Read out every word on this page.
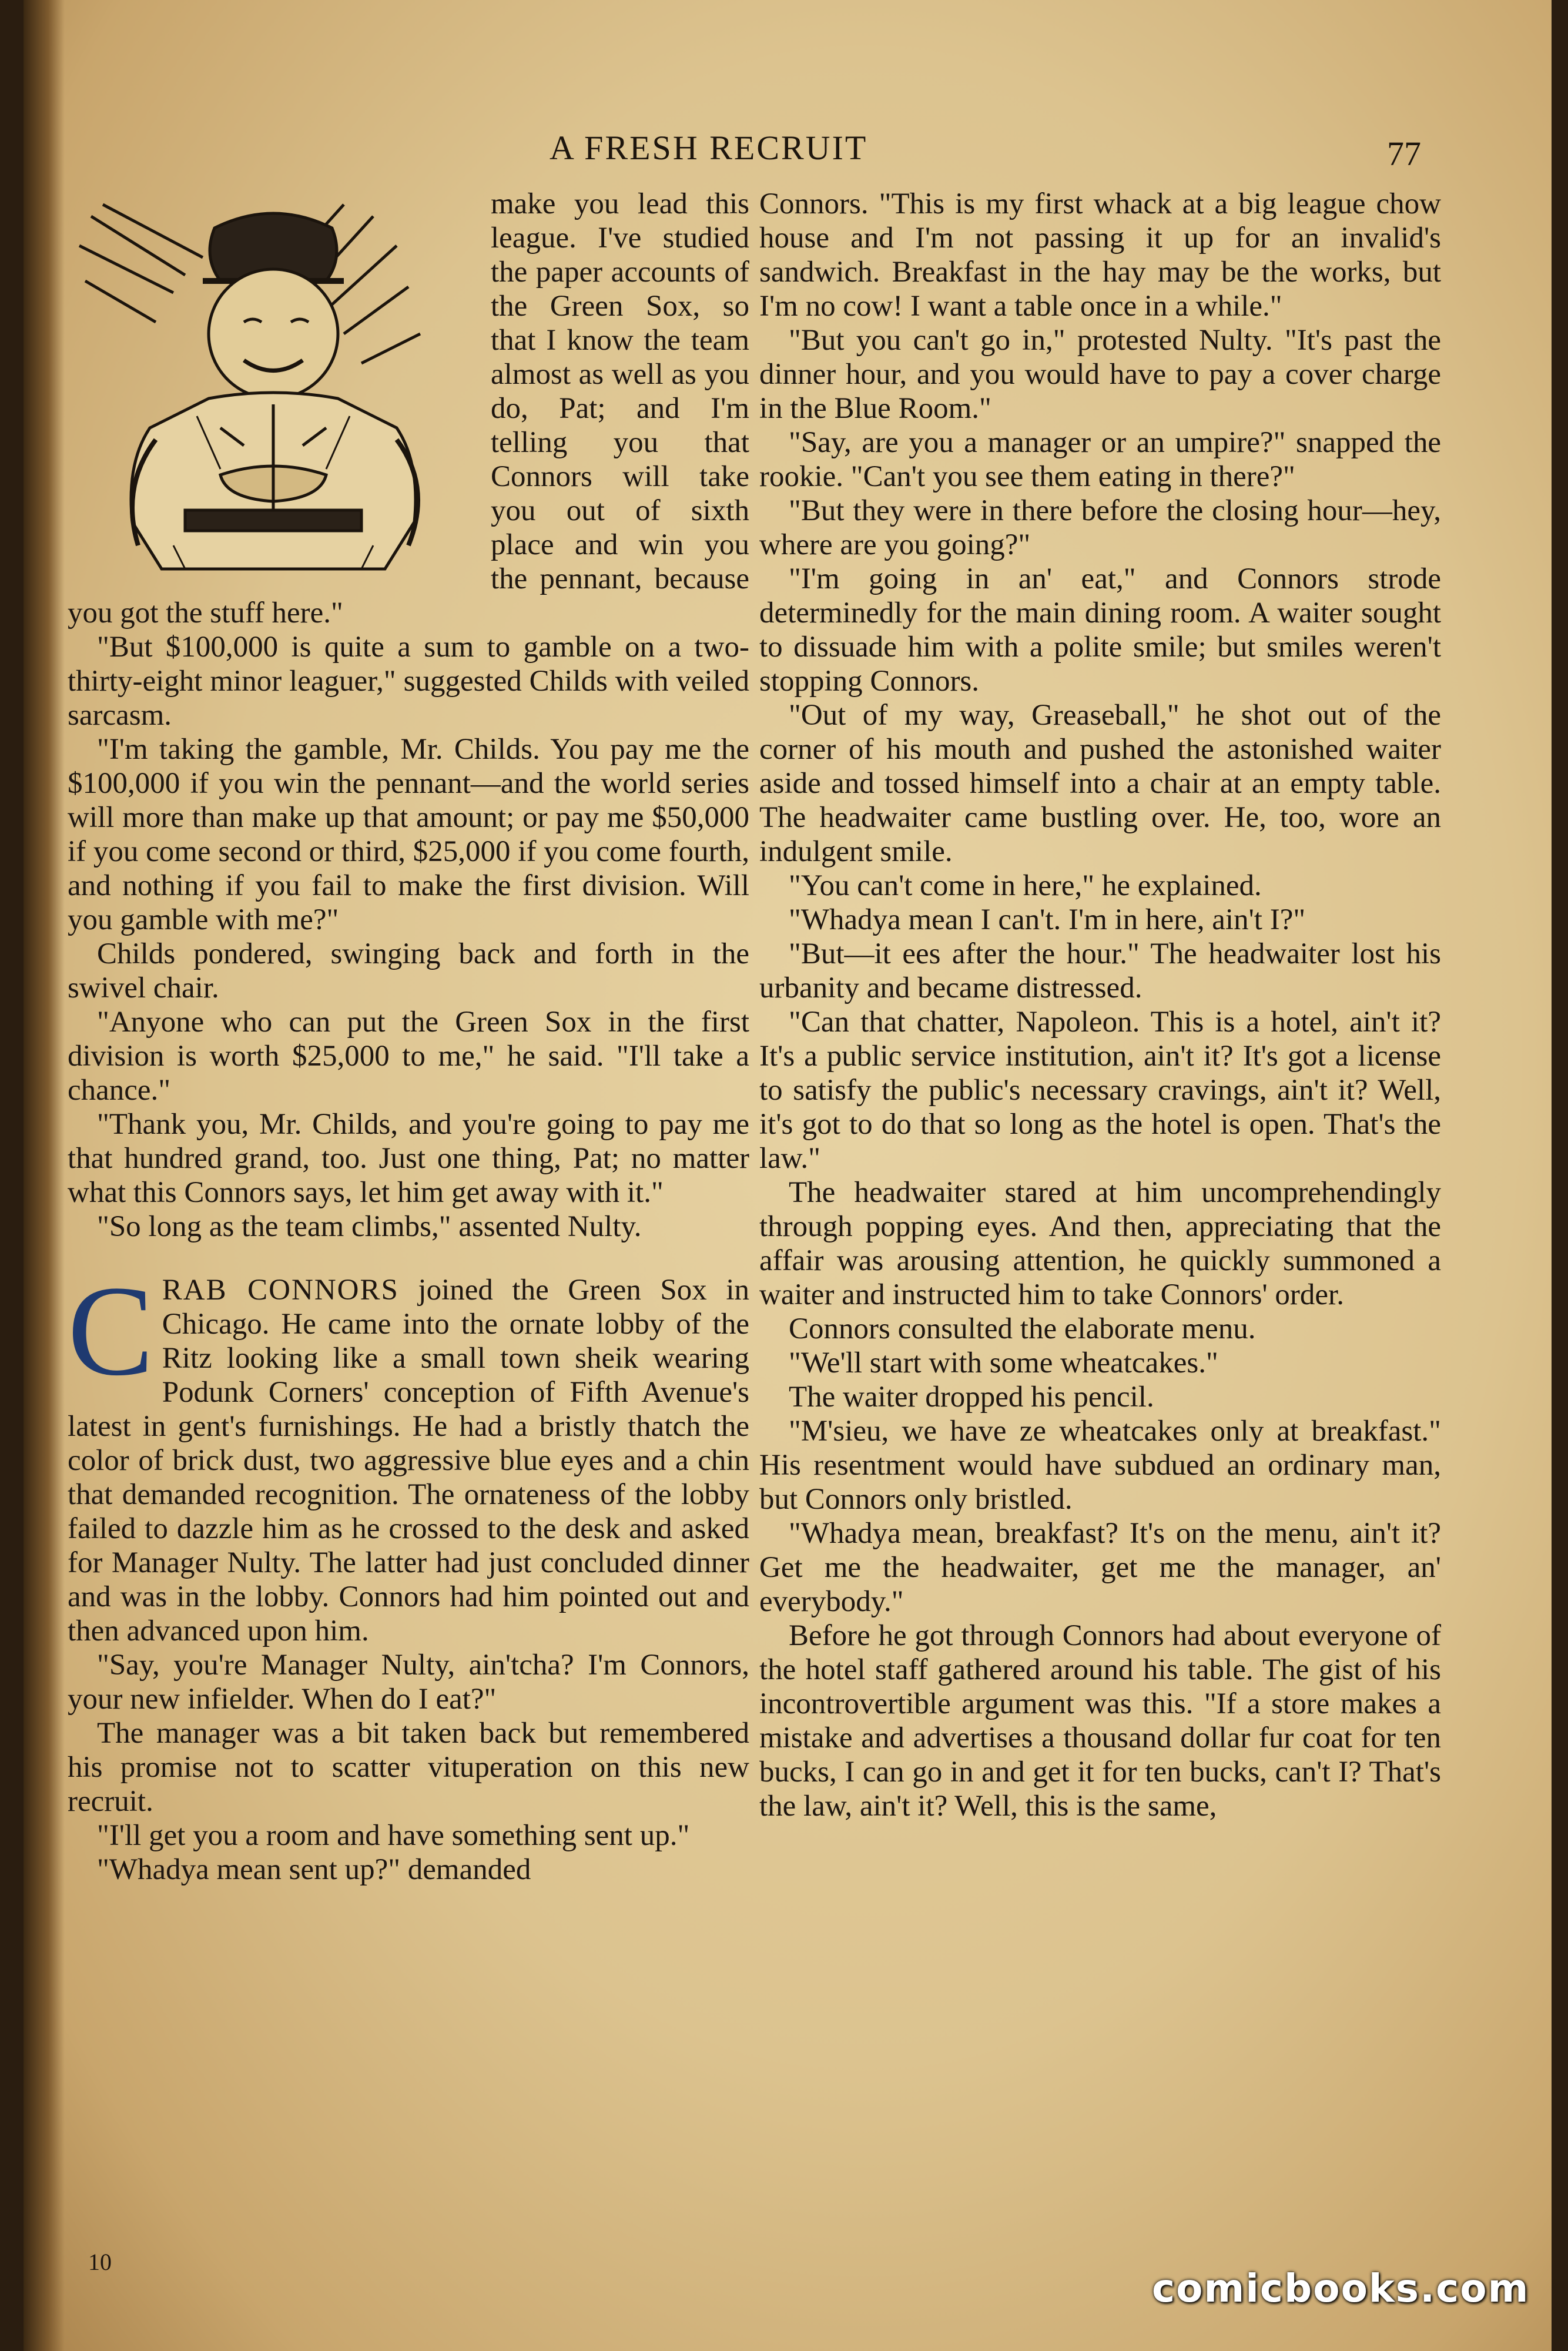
A FRESH RECRUIT	77

make you lead this league. I've studied the paper accounts of the Green Sox, so that I know the team almost as well as you do, Pat; and I'm telling you that Connors will take you out of sixth place and win you the pennant, because you got the stuff here."

"But $100,000 is quite a sum to gamble on a two-thirty-eight minor leaguer," suggested Childs with veiled sarcasm.

"I'm taking the gamble, Mr. Childs. You pay me the $100,000 if you win the pennant—and the world series will more than make up that amount; or pay me $50,000 if you come second or third, $25,000 if you come fourth, and nothing if you fail to make the first division. Will you gamble with me?"

Childs pondered, swinging back and forth in the swivel chair.

"Anyone who can put the Green Sox in the first division is worth $25,000 to me," he said. "I'll take a chance."

"Thank you, Mr. Childs, and you're going to pay me that hundred grand, too. Just one thing, Pat; no matter what this Connors says, let him get away with it."

"So long as the team climbs," assented Nulty.

CRAB CONNORS joined the Green Sox in Chicago. He came into the ornate lobby of the Ritz looking like a small town sheik wearing Podunk Corners' conception of Fifth Avenue's latest in gent's furnishings. He had a bristly thatch the color of brick dust, two aggressive blue eyes and a chin that demanded recognition. The ornateness of the lobby failed to dazzle him as he crossed to the desk and asked for Manager Nulty. The latter had just concluded dinner and was in the lobby. Connors had him pointed out and then advanced upon him.

"Say, you're Manager Nulty, ain'tcha? I'm Connors, your new infielder. When do I eat?"

The manager was a bit taken back but remembered his promise not to scatter vituperation on this new recruit.

"I'll get you a room and have something sent up."

"Whadya mean sent up?" demanded

Connors. "This is my first whack at a big league chow house and I'm not passing it up for an invalid's sandwich. Breakfast in the hay may be the works, but I'm no cow! I want a table once in a while."

"But you can't go in," protested Nulty. "It's past the dinner hour, and you would have to pay a cover charge in the Blue Room."

"Say, are you a manager or an umpire?" snapped the rookie. "Can't you see them eating in there?"

"But they were in there before the closing hour—hey, where are you going?"

"I'm going in an' eat," and Connors strode determinedly for the main dining room. A waiter sought to dissuade him with a polite smile; but smiles weren't stopping Connors.

"Out of my way, Greaseball," he shot out of the corner of his mouth and pushed the astonished waiter aside and tossed himself into a chair at an empty table. The headwaiter came bustling over. He, too, wore an indulgent smile.

"You can't come in here," he explained.

"Whadya mean I can't. I'm in here, ain't I?"

"But—it ees after the hour." The headwaiter lost his urbanity and became distressed.

"Can that chatter, Napoleon. This is a hotel, ain't it? It's a public service institution, ain't it? It's got a license to satisfy the public's necessary cravings, ain't it? Well, it's got to do that so long as the hotel is open. That's the law."

The headwaiter stared at him uncomprehendingly through popping eyes. And then, appreciating that the affair was arousing attention, he quickly summoned a waiter and instructed him to take Connors' order.

Connors consulted the elaborate menu.

"We'll start with some wheatcakes."

The waiter dropped his pencil.

"M'sieu, we have ze wheatcakes only at breakfast." His resentment would have subdued an ordinary man, but Connors only bristled.

"Whadya mean, breakfast? It's on the menu, ain't it? Get me the headwaiter, get me the manager, an' everybody."

Before he got through Connors had about everyone of the hotel staff gathered around his table. The gist of his incontrovertible argument was this. "If a store makes a mistake and advertises a thousand dollar fur coat for ten bucks, I can go in and get it for ten bucks, can't I? That's the law, ain't it? Well, this is the same,

10
comicbooks.com
